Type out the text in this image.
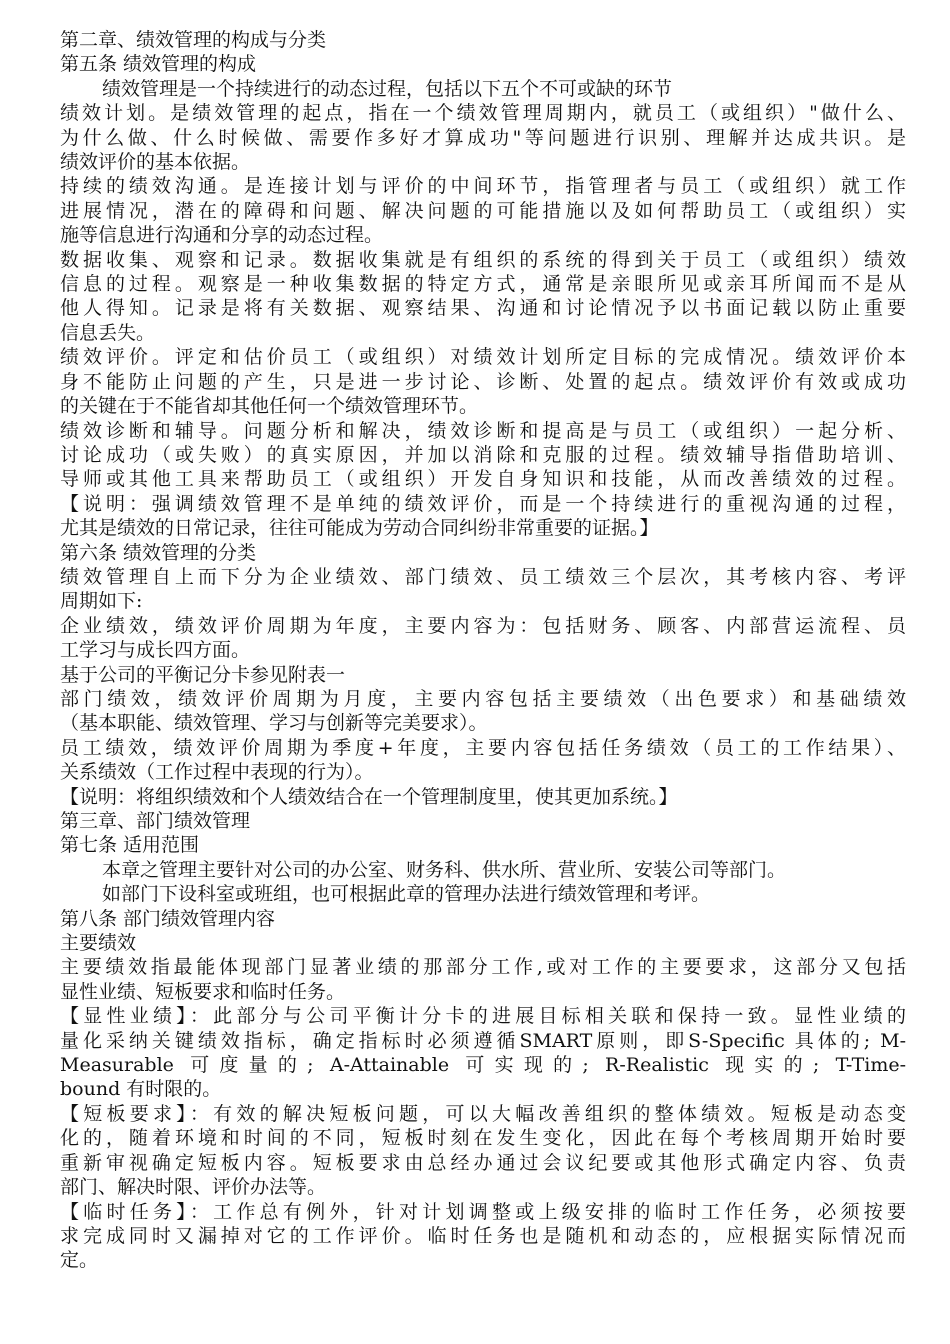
第二章、绩效管理的构成与分类

第五条 绩效管理的构成

绩效管理是一个持续进行的动态过程，包括以下五个不可或缺的环节

绩效计划。是绩效管理的起点，指在一个绩效管理周期内，就员工（或组织）"做什么、

为什么做、什么时候做、需要作多好才算成功"等问题进行识别、理解并达成共识。是

绩效评价的基本依据。

持续的绩效沟通。是连接计划与评价的中间环节，指管理者与员工（或组织）就工作

进展情况，潜在的障碍和问题、解决问题的可能措施以及如何帮助员工（或组织）实

施等信息进行沟通和分享的动态过程。

数据收集、观察和记录。数据收集就是有组织的系统的得到关于员工（或组织）绩效

信息的过程。观察是一种收集数据的特定方式，通常是亲眼所见或亲耳所闻而不是从

他人得知。记录是将有关数据、观察结果、沟通和讨论情况予以书面记载以防止重要

信息丢失。

绩效评价。评定和估价员工（或组织）对绩效计划所定目标的完成情况。绩效评价本

身不能防止问题的产生，只是进一步讨论、诊断、处置的起点。绩效评价有效或成功

的关键在于不能省却其他任何一个绩效管理环节。

绩效诊断和辅导。问题分析和解决，绩效诊断和提高是与员工（或组织）一起分析、

讨论成功（或失败）的真实原因，并加以消除和克服的过程。绩效辅导指借助培训、

导师或其他工具来帮助员工（或组织）开发自身知识和技能，从而改善绩效的过程。

【说明：强调绩效管理不是单纯的绩效评价，而是一个持续进行的重视沟通的过程，

尤其是绩效的日常记录，往往可能成为劳动合同纠纷非常重要的证据。】

第六条 绩效管理的分类

绩效管理自上而下分为企业绩效、部门绩效、员工绩效三个层次，其考核内容、考评

周期如下:

企业绩效，绩效评价周期为年度，主要内容为：包括财务、顾客、内部营运流程、员

工学习与成长四方面。

基于公司的平衡记分卡参见附表一

部门绩效，绩效评价周期为月度，主要内容包括主要绩效（出色要求）和基础绩效

（基本职能、绩效管理、学习与创新等完美要求）。

员工绩效，绩效评价周期为季度+年度，主要内容包括任务绩效（员工的工作结果）、

关系绩效（工作过程中表现的行为）。

【说明：将组织绩效和个人绩效结合在一个管理制度里，使其更加系统。】

第三章、部门绩效管理

第七条 适用范围

本章之管理主要针对公司的办公室、财务科、供水所、营业所、安装公司等部门。

如部门下设科室或班组，也可根据此章的管理办法进行绩效管理和考评。

第八条 部门绩效管理内容

主要绩效

主要绩效指最能体现部门显著业绩的那部分工作,或对工作的主要要求，这部分又包括

显性业绩、短板要求和临时任务。

【显性业绩】：此部分与公司平衡计分卡的进展目标相关联和保持一致。显性业绩的

量化采纳关键绩效指标，确定指标时必须遵循SMART原则，即S-Specific 具体的; M-

Measurable 可度量的; A-Attainable 可实现的; R-Realistic 现实的; T-Time-

bound 有时限的。

【短板要求】：有效的解决短板问题，可以大幅改善组织的整体绩效。短板是动态变

化的，随着环境和时间的不同，短板时刻在发生变化，因此在每个考核周期开始时要

重新审视确定短板内容。短板要求由总经办通过会议纪要或其他形式确定内容、负责

部门、解决时限、评价办法等。

【临时任务】：工作总有例外，针对计划调整或上级安排的临时工作任务，必须按要

求完成同时又漏掉对它的工作评价。临时任务也是随机和动态的，应根据实际情况而

定。
